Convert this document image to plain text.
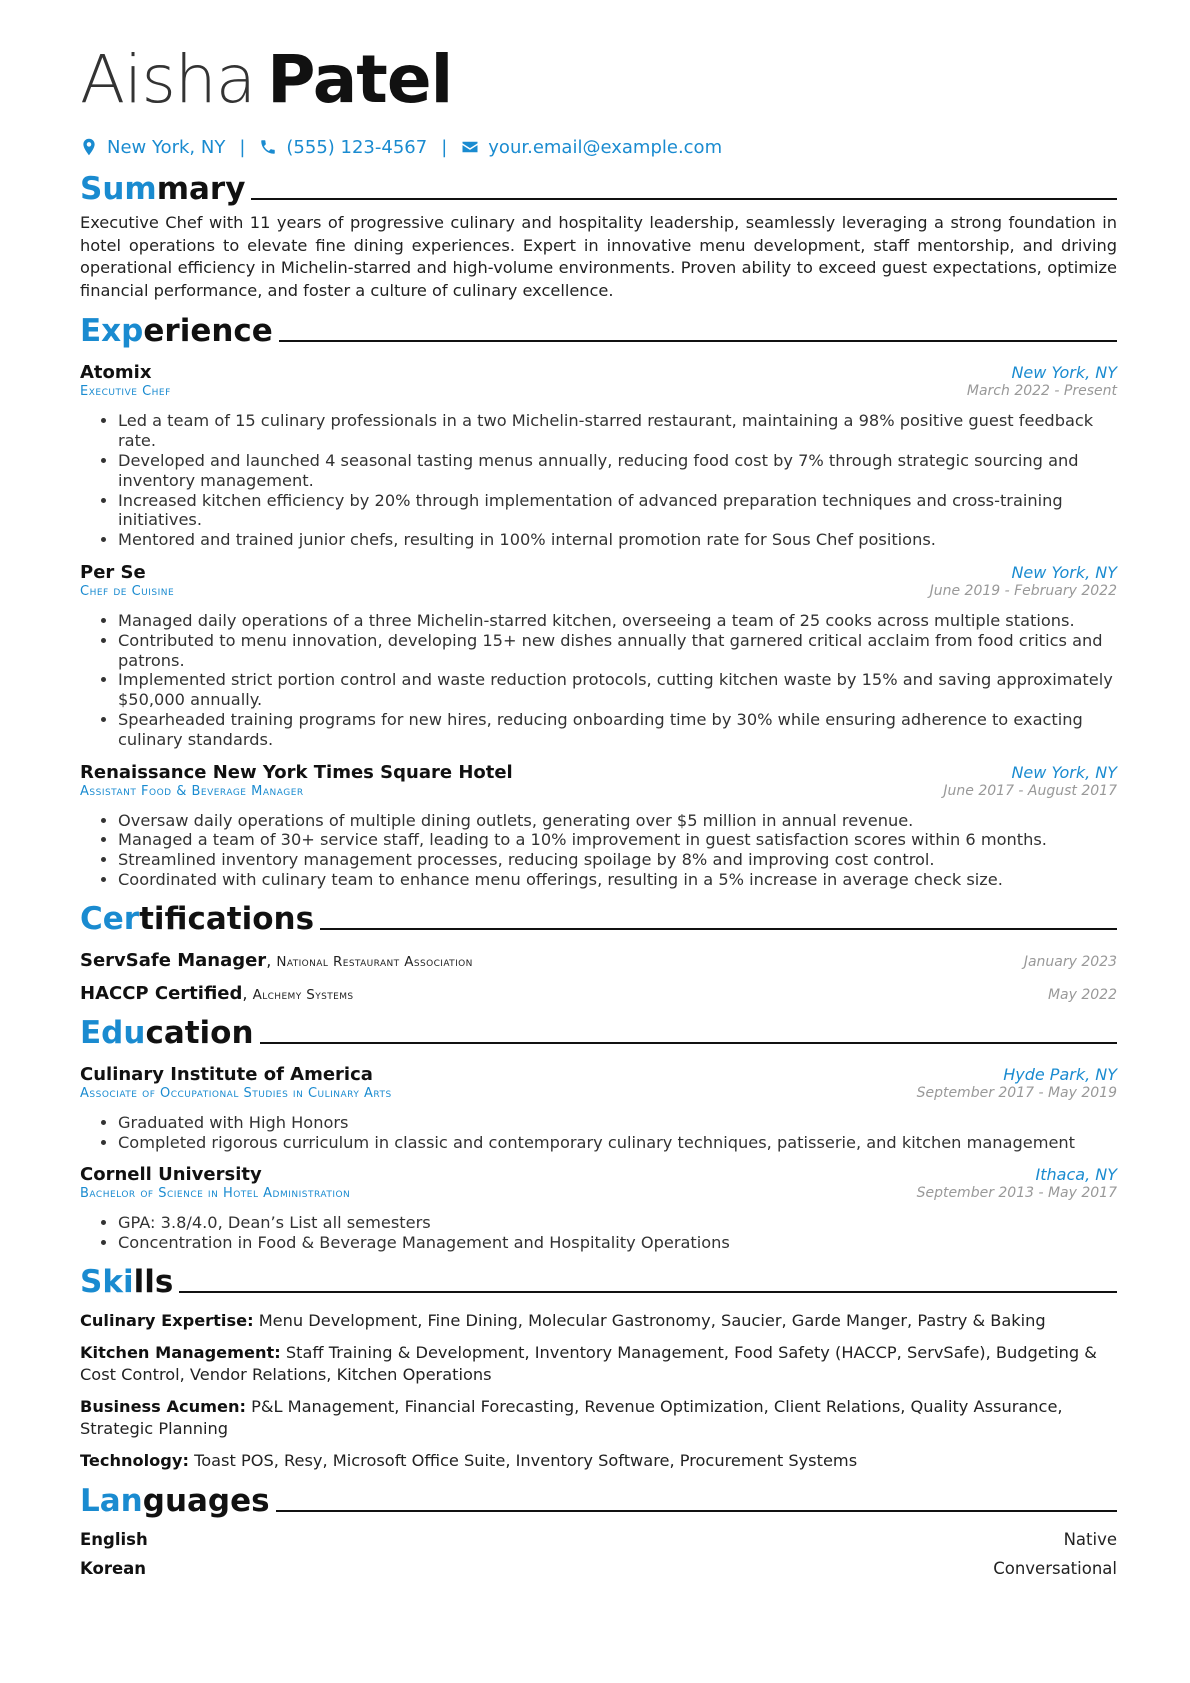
Aisha Patel
New York, NY | (555) 123-4567 | your.email@example.com
Summary
Executive Chef with 11 years of progressive culinary and hospitality leadership, seamlessly leveraging a strong foundation in hotel operations to elevate fine dining experiences. Expert in innovative menu development, staff mentorship, and driving operational efficiency in Michelin-starred and high-volume environments. Proven ability to exceed guest expectations, optimize financial performance, and foster a culture of culinary excellence.
Experience
Atomix	New York, NY
Executive Chef	March 2022 - Present
• Led a team of 15 culinary professionals in a two Michelin-starred restaurant, maintaining a 98% positive guest feedback rate.
• Developed and launched 4 seasonal tasting menus annually, reducing food cost by 7% through strategic sourcing and inventory management.
• Increased kitchen efficiency by 20% through implementation of advanced preparation techniques and cross-training initiatives.
• Mentored and trained junior chefs, resulting in 100% internal promotion rate for Sous Chef positions.
Per Se	New York, NY
Chef de Cuisine	June 2019 - February 2022
• Managed daily operations of a three Michelin-starred kitchen, overseeing a team of 25 cooks across multiple stations.
• Contributed to menu innovation, developing 15+ new dishes annually that garnered critical acclaim from food critics and patrons.
• Implemented strict portion control and waste reduction protocols, cutting kitchen waste by 15% and saving approximately $50,000 annually.
• Spearheaded training programs for new hires, reducing onboarding time by 30% while ensuring adherence to exacting culinary standards.
Renaissance New York Times Square Hotel	New York, NY
Assistant Food & Beverage Manager	June 2017 - August 2017
• Oversaw daily operations of multiple dining outlets, generating over $5 million in annual revenue.
• Managed a team of 30+ service staff, leading to a 10% improvement in guest satisfaction scores within 6 months.
• Streamlined inventory management processes, reducing spoilage by 8% and improving cost control.
• Coordinated with culinary team to enhance menu offerings, resulting in a 5% increase in average check size.
Certifications
ServSafe Manager, National Restaurant Association	January 2023
HACCP Certified, Alchemy Systems	May 2022
Education
Culinary Institute of America	Hyde Park, NY
Associate of Occupational Studies in Culinary Arts	September 2017 - May 2019
• Graduated with High Honors
• Completed rigorous curriculum in classic and contemporary culinary techniques, patisserie, and kitchen management
Cornell University	Ithaca, NY
Bachelor of Science in Hotel Administration	September 2013 - May 2017
• GPA: 3.8/4.0, Dean’s List all semesters
• Concentration in Food & Beverage Management and Hospitality Operations
Skills
Culinary Expertise: Menu Development, Fine Dining, Molecular Gastronomy, Saucier, Garde Manger, Pastry & Baking
Kitchen Management: Staff Training & Development, Inventory Management, Food Safety (HACCP, ServSafe), Budgeting & Cost Control, Vendor Relations, Kitchen Operations
Business Acumen: P&L Management, Financial Forecasting, Revenue Optimization, Client Relations, Quality Assurance, Strategic Planning
Technology: Toast POS, Resy, Microsoft Office Suite, Inventory Software, Procurement Systems
Languages
English	Native
Korean	Conversational
